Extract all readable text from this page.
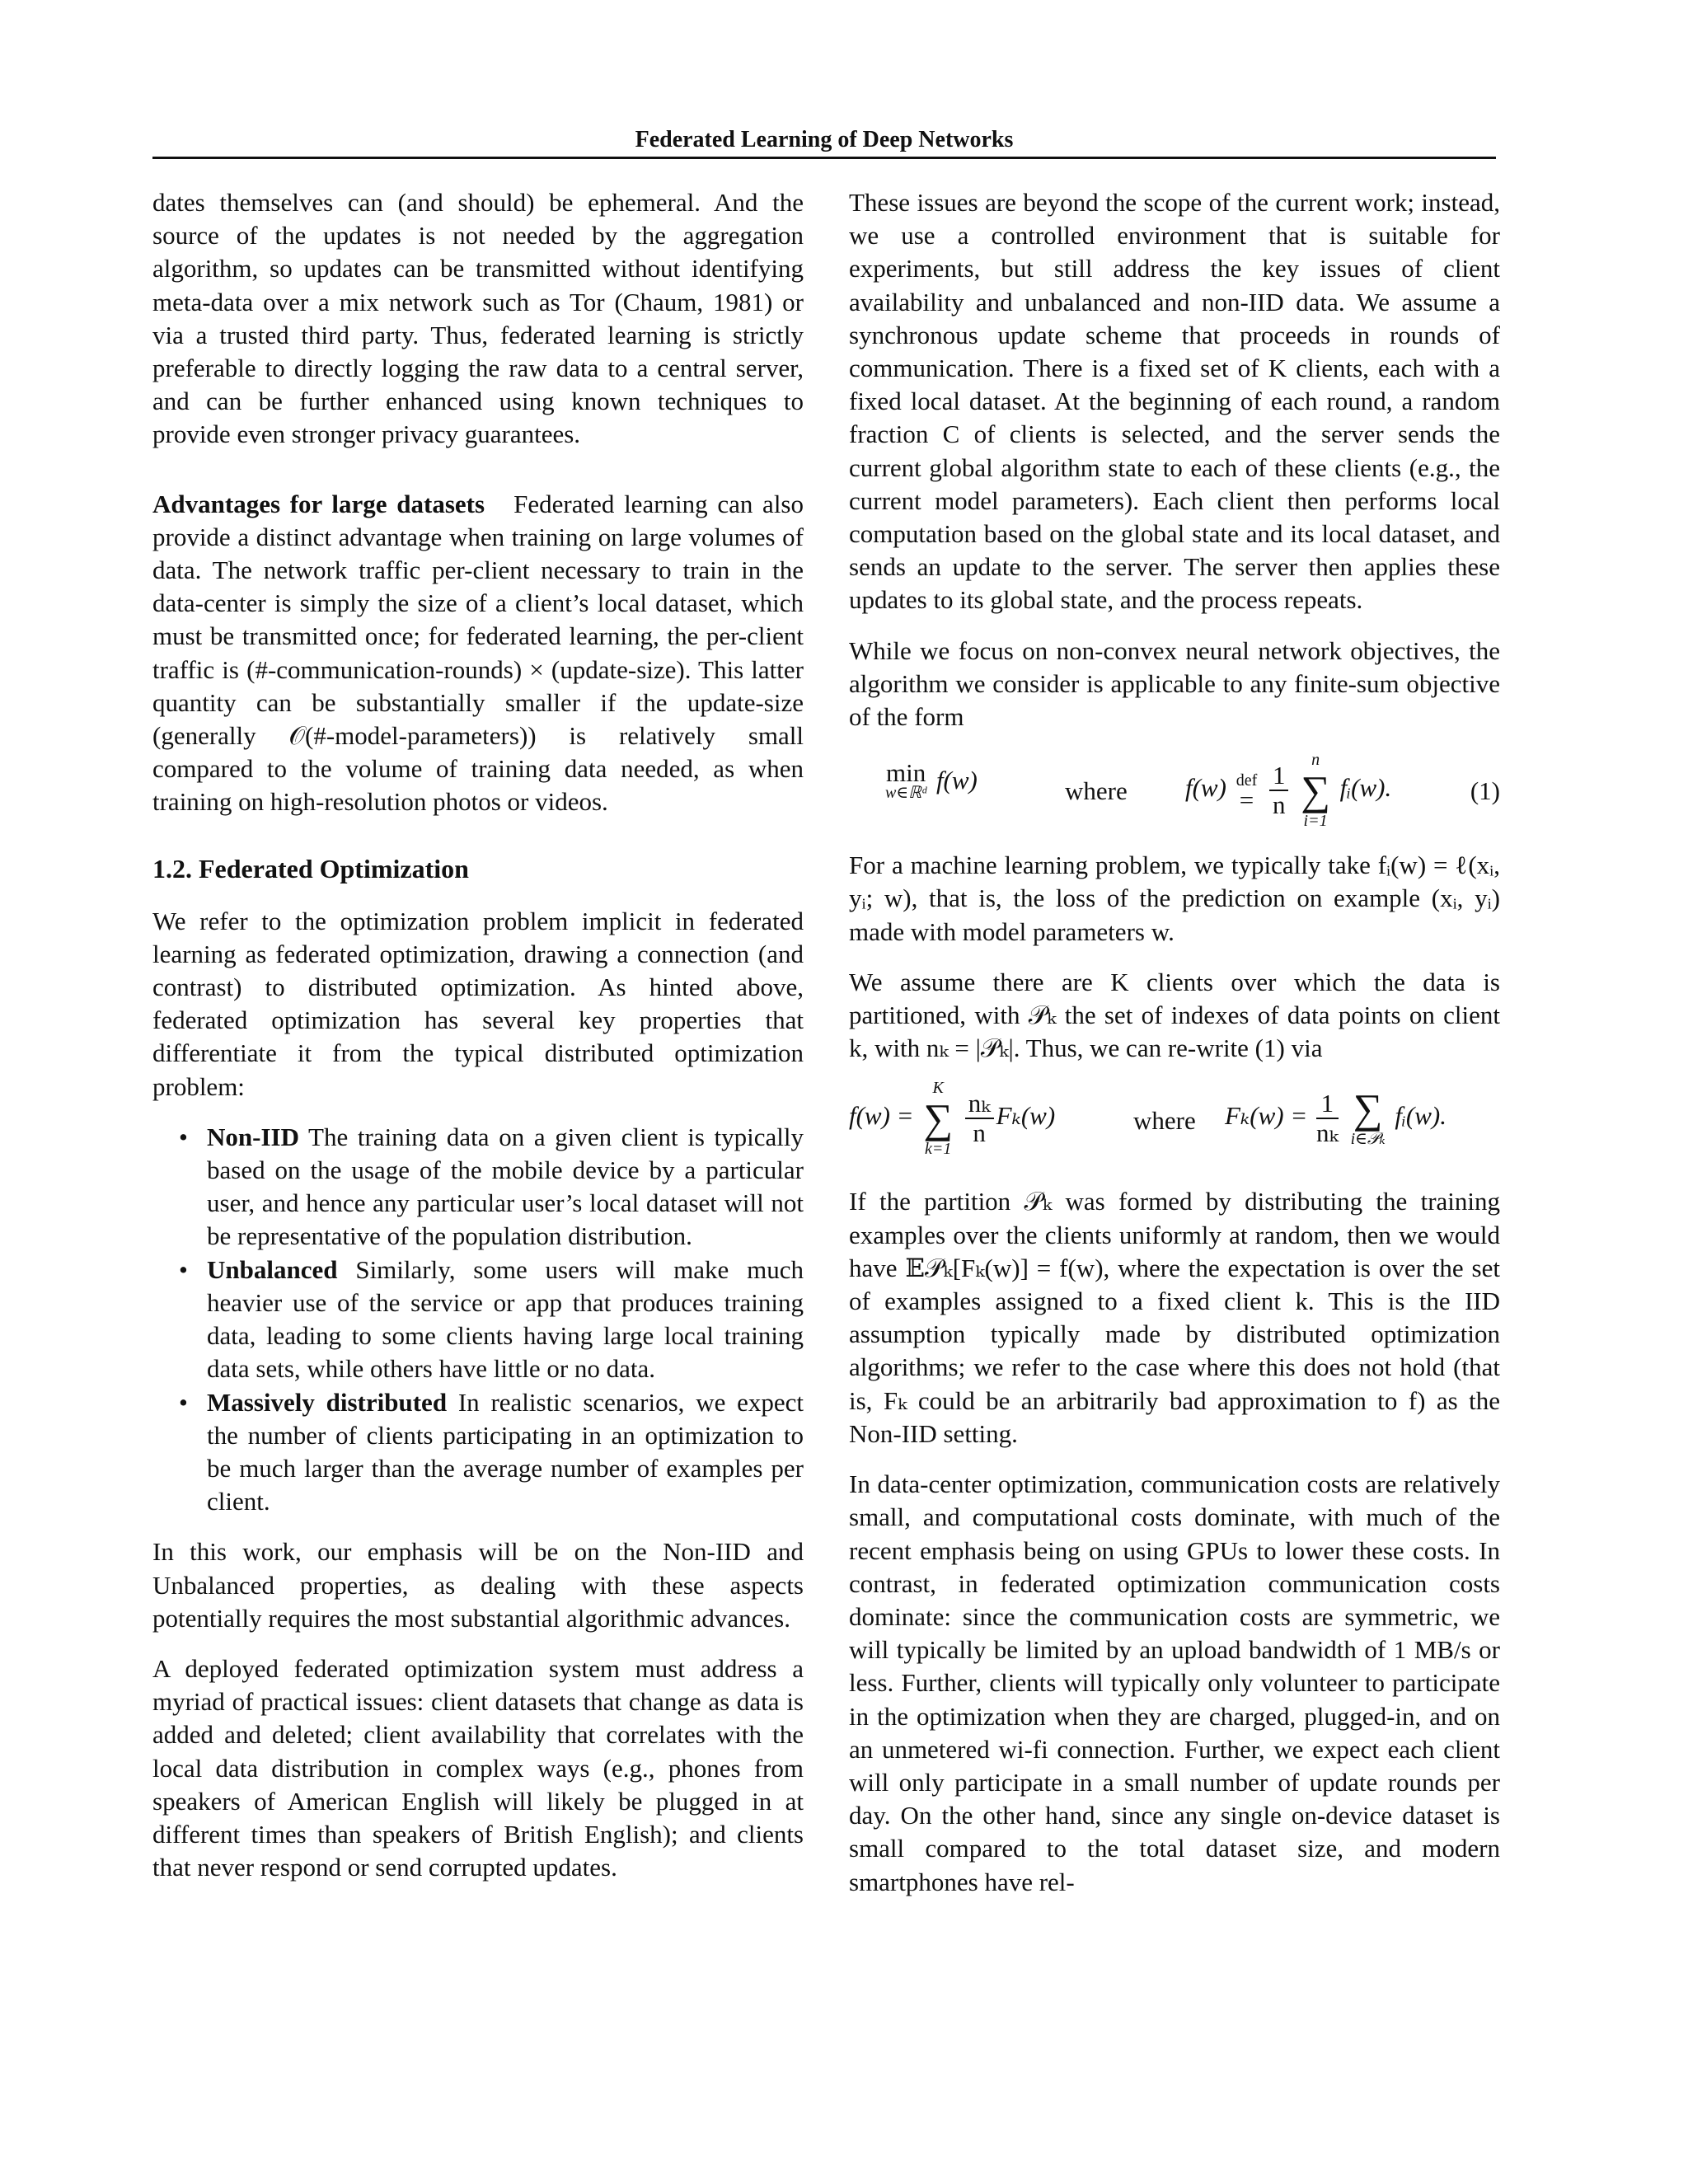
Federated Learning of Deep Networks

dates themselves can (and should) be ephemeral. And the source of the updates is not needed by the aggregation algorithm, so updates can be transmitted without identifying meta-data over a mix network such as Tor (Chaum, 1981) or via a trusted third party. Thus, federated learning is strictly preferable to directly logging the raw data to a central server, and can be further enhanced using known techniques to provide even stronger privacy guarantees.

Advantages for large datasets Federated learning can also provide a distinct advantage when training on large volumes of data. The network traffic per-client necessary to train in the data-center is simply the size of a client’s local dataset, which must be transmitted once; for federated learning, the per-client traffic is (#-communication-rounds) × (update-size). This latter quantity can be substantially smaller if the update-size (generally 𝒪(#-model-parameters)) is relatively small compared to the volume of training data needed, as when training on high-resolution photos or videos.

1.2. Federated Optimization

We refer to the optimization problem implicit in federated learning as federated optimization, drawing a connection (and contrast) to distributed optimization. As hinted above, federated optimization has several key properties that differentiate it from the typical distributed optimization problem:

• Non-IID The training data on a given client is typically based on the usage of the mobile device by a particular user, and hence any particular user’s local dataset will not be representative of the population distribution.
• Unbalanced Similarly, some users will make much heavier use of the service or app that produces training data, leading to some clients having large local training data sets, while others have little or no data.
• Massively distributed In realistic scenarios, we expect the number of clients participating in an optimization to be much larger than the average number of examples per client.

In this work, our emphasis will be on the Non-IID and Unbalanced properties, as dealing with these aspects potentially requires the most substantial algorithmic advances.

A deployed federated optimization system must address a myriad of practical issues: client datasets that change as data is added and deleted; client availability that correlates with the local data distribution in complex ways (e.g., phones from speakers of American English will likely be plugged in at different times than speakers of British English); and clients that never respond or send corrupted updates.

These issues are beyond the scope of the current work; instead, we use a controlled environment that is suitable for experiments, but still address the key issues of client availability and unbalanced and non-IID data. We assume a synchronous update scheme that proceeds in rounds of communication. There is a fixed set of K clients, each with a fixed local dataset. At the beginning of each round, a random fraction C of clients is selected, and the server sends the current global algorithm state to each of these clients (e.g., the current model parameters). Each client then performs local computation based on the global state and its local dataset, and sends an update to the server. The server then applies these updates to its global state, and the process repeats.

While we focus on non-convex neural network objectives, the algorithm we consider is applicable to any finite-sum objective of the form

min
w∈ℝᵈ f(w)	where f(w) def
=
$\frac{1}{n}$

n
∑
i=1
fᵢ(w).	(1)

For a machine learning problem, we typically take fᵢ(w) = ℓ(xᵢ, yᵢ; w), that is, the loss of the prediction on example (xᵢ, yᵢ) made with model parameters w.

We assume there are K clients over which the data is partitioned, with 𝒫ₖ the set of indexes of data points on client k, with nₖ = |𝒫ₖ|. Thus, we can re-write (1) via

f(w) =
K
∑
k=1

$\frac{\text{nₖ}}{n} F_k(w)$	where $F_k(w) = \frac{1}{\text{nₖ}}$
∑
i∈𝒫ₖ
fᵢ(w).

If the partition 𝒫ₖ was formed by distributing the training examples over the clients uniformly at random, then we would have 𝔼𝒫ₖ[Fₖ(w)] = f(w), where the expectation is over the set of examples assigned to a fixed client k. This is the IID assumption typically made by distributed optimization algorithms; we refer to the case where this does not hold (that is, Fₖ could be an arbitrarily bad approximation to f) as the Non-IID setting.

In data-center optimization, communication costs are relatively small, and computational costs dominate, with much of the recent emphasis being on using GPUs to lower these costs. In contrast, in federated optimization communication costs dominate: since the communication costs are symmetric, we will typically be limited by an upload bandwidth of 1 MB/s or less. Further, clients will typically only volunteer to participate in the optimization when they are charged, plugged-in, and on an unmetered wi-fi connection. Further, we expect each client will only participate in a small number of update rounds per day. On the other hand, since any single on-device dataset is small compared to the total dataset size, and modern smartphones have rel-
